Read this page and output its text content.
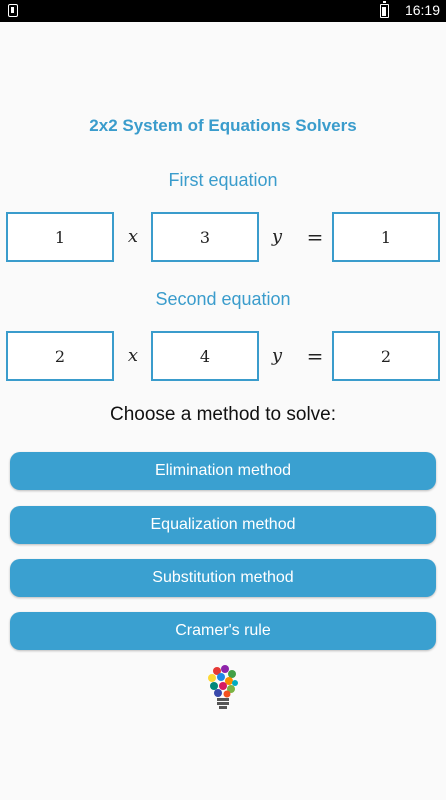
16:19
2x2 System of Equations Solvers
First equation
1
x
3	y	=
1
Second equation
2
x
4	y	=
2
Choose a method to solve:
Elimination method
Equalization method
Substitution method
Cramer's rule
